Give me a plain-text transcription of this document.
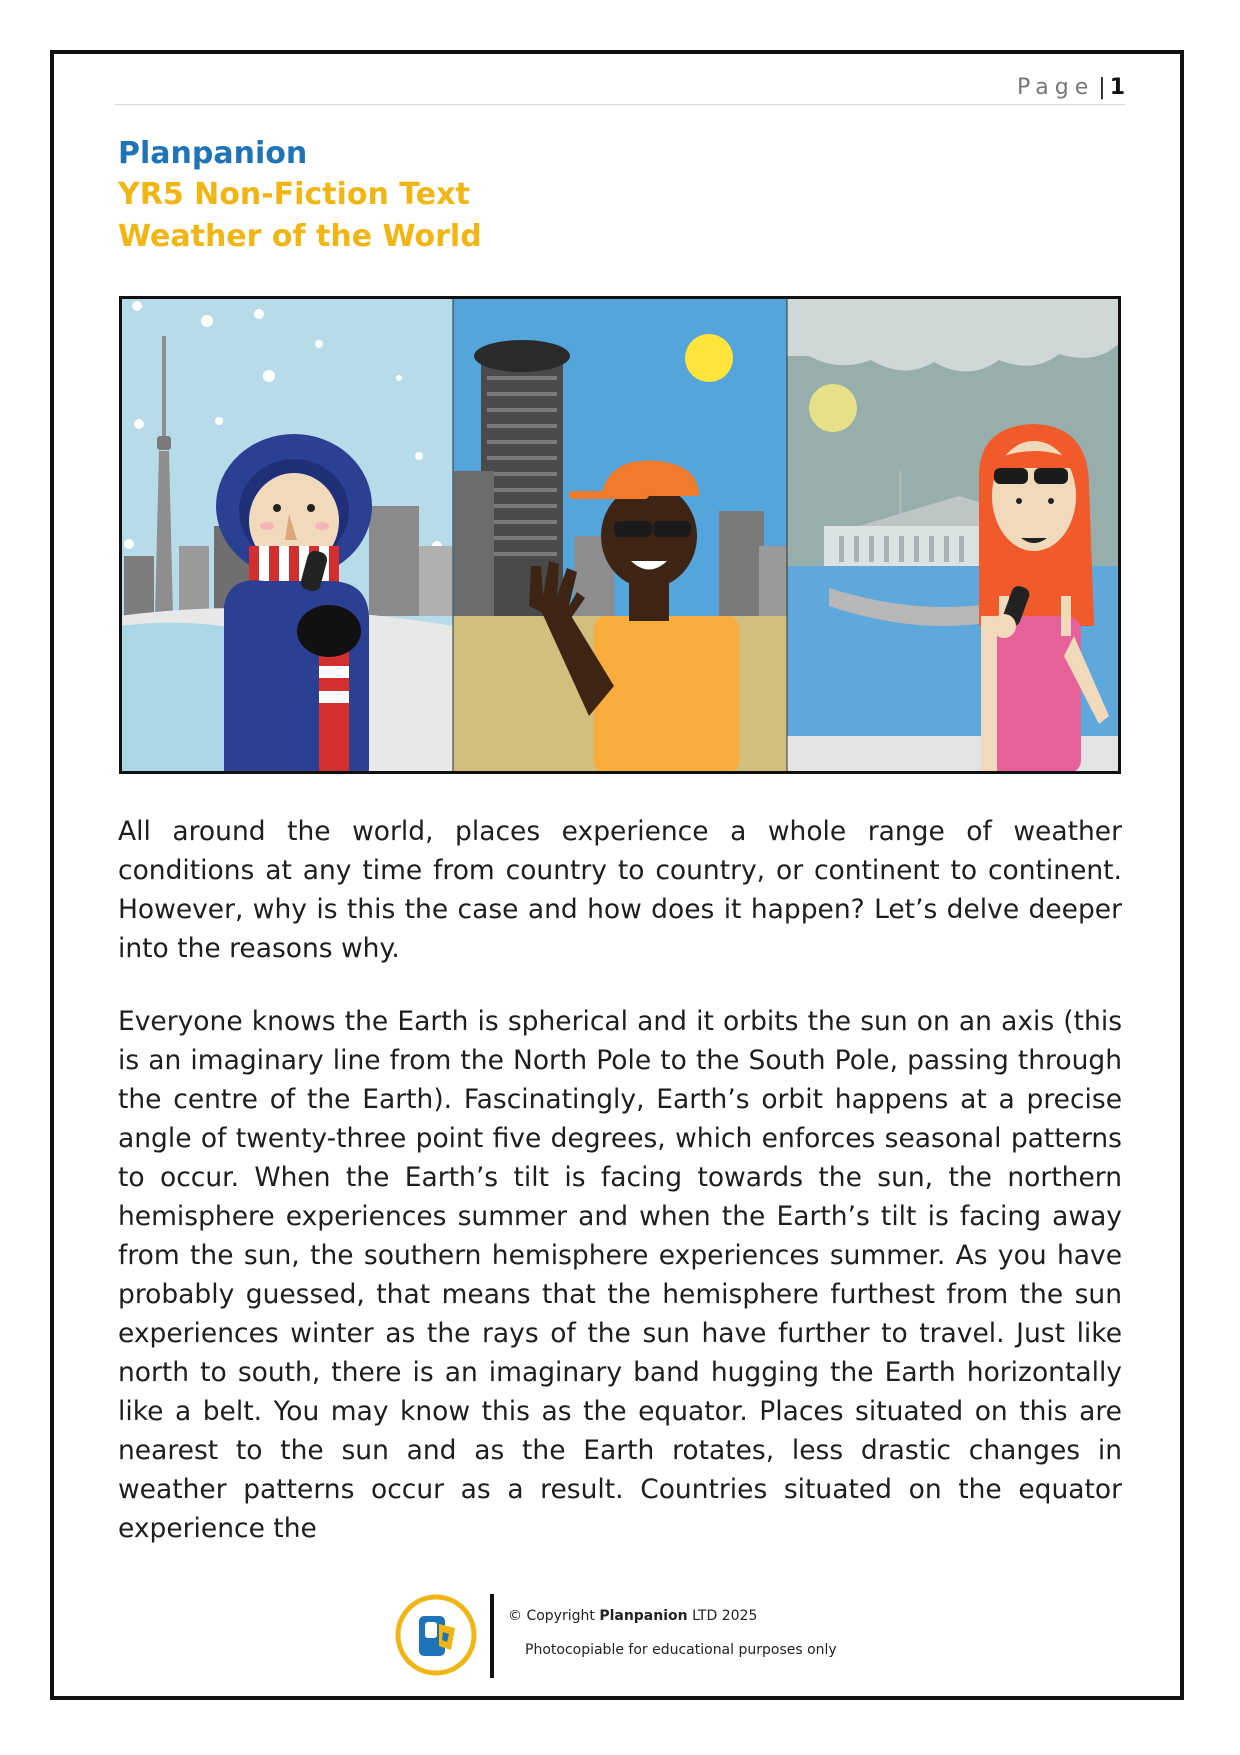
Page | 1
Planpanion
YR5 Non-Fiction Text
Weather of the World

All around the world, places experience a whole range of weather conditions at any time from country to country, or continent to continent. However, why is this the case and how does it happen? Let’s delve deeper into the reasons why.

Everyone knows the Earth is spherical and it orbits the sun on an axis (this is an imaginary line from the North Pole to the South Pole, passing through the centre of the Earth). Fascinatingly, Earth’s orbit happens at a precise angle of twenty-three point five degrees, which enforces seasonal patterns to occur. When the Earth’s tilt is facing towards the sun, the northern hemisphere experiences summer and when the Earth’s tilt is facing away from the sun, the southern hemisphere experiences summer. As you have probably guessed, that means that the hemisphere furthest from the sun experiences winter as the rays of the sun have further to travel. Just like north to south, there is an imaginary band hugging the Earth horizontally like a belt. You may know this as the equator. Places situated on this are nearest to the sun and as the Earth rotates, less drastic changes in weather patterns occur as a result. Countries situated on the equator experience the

© Copyright Planpanion LTD 2025
Photocopiable for educational purposes only
